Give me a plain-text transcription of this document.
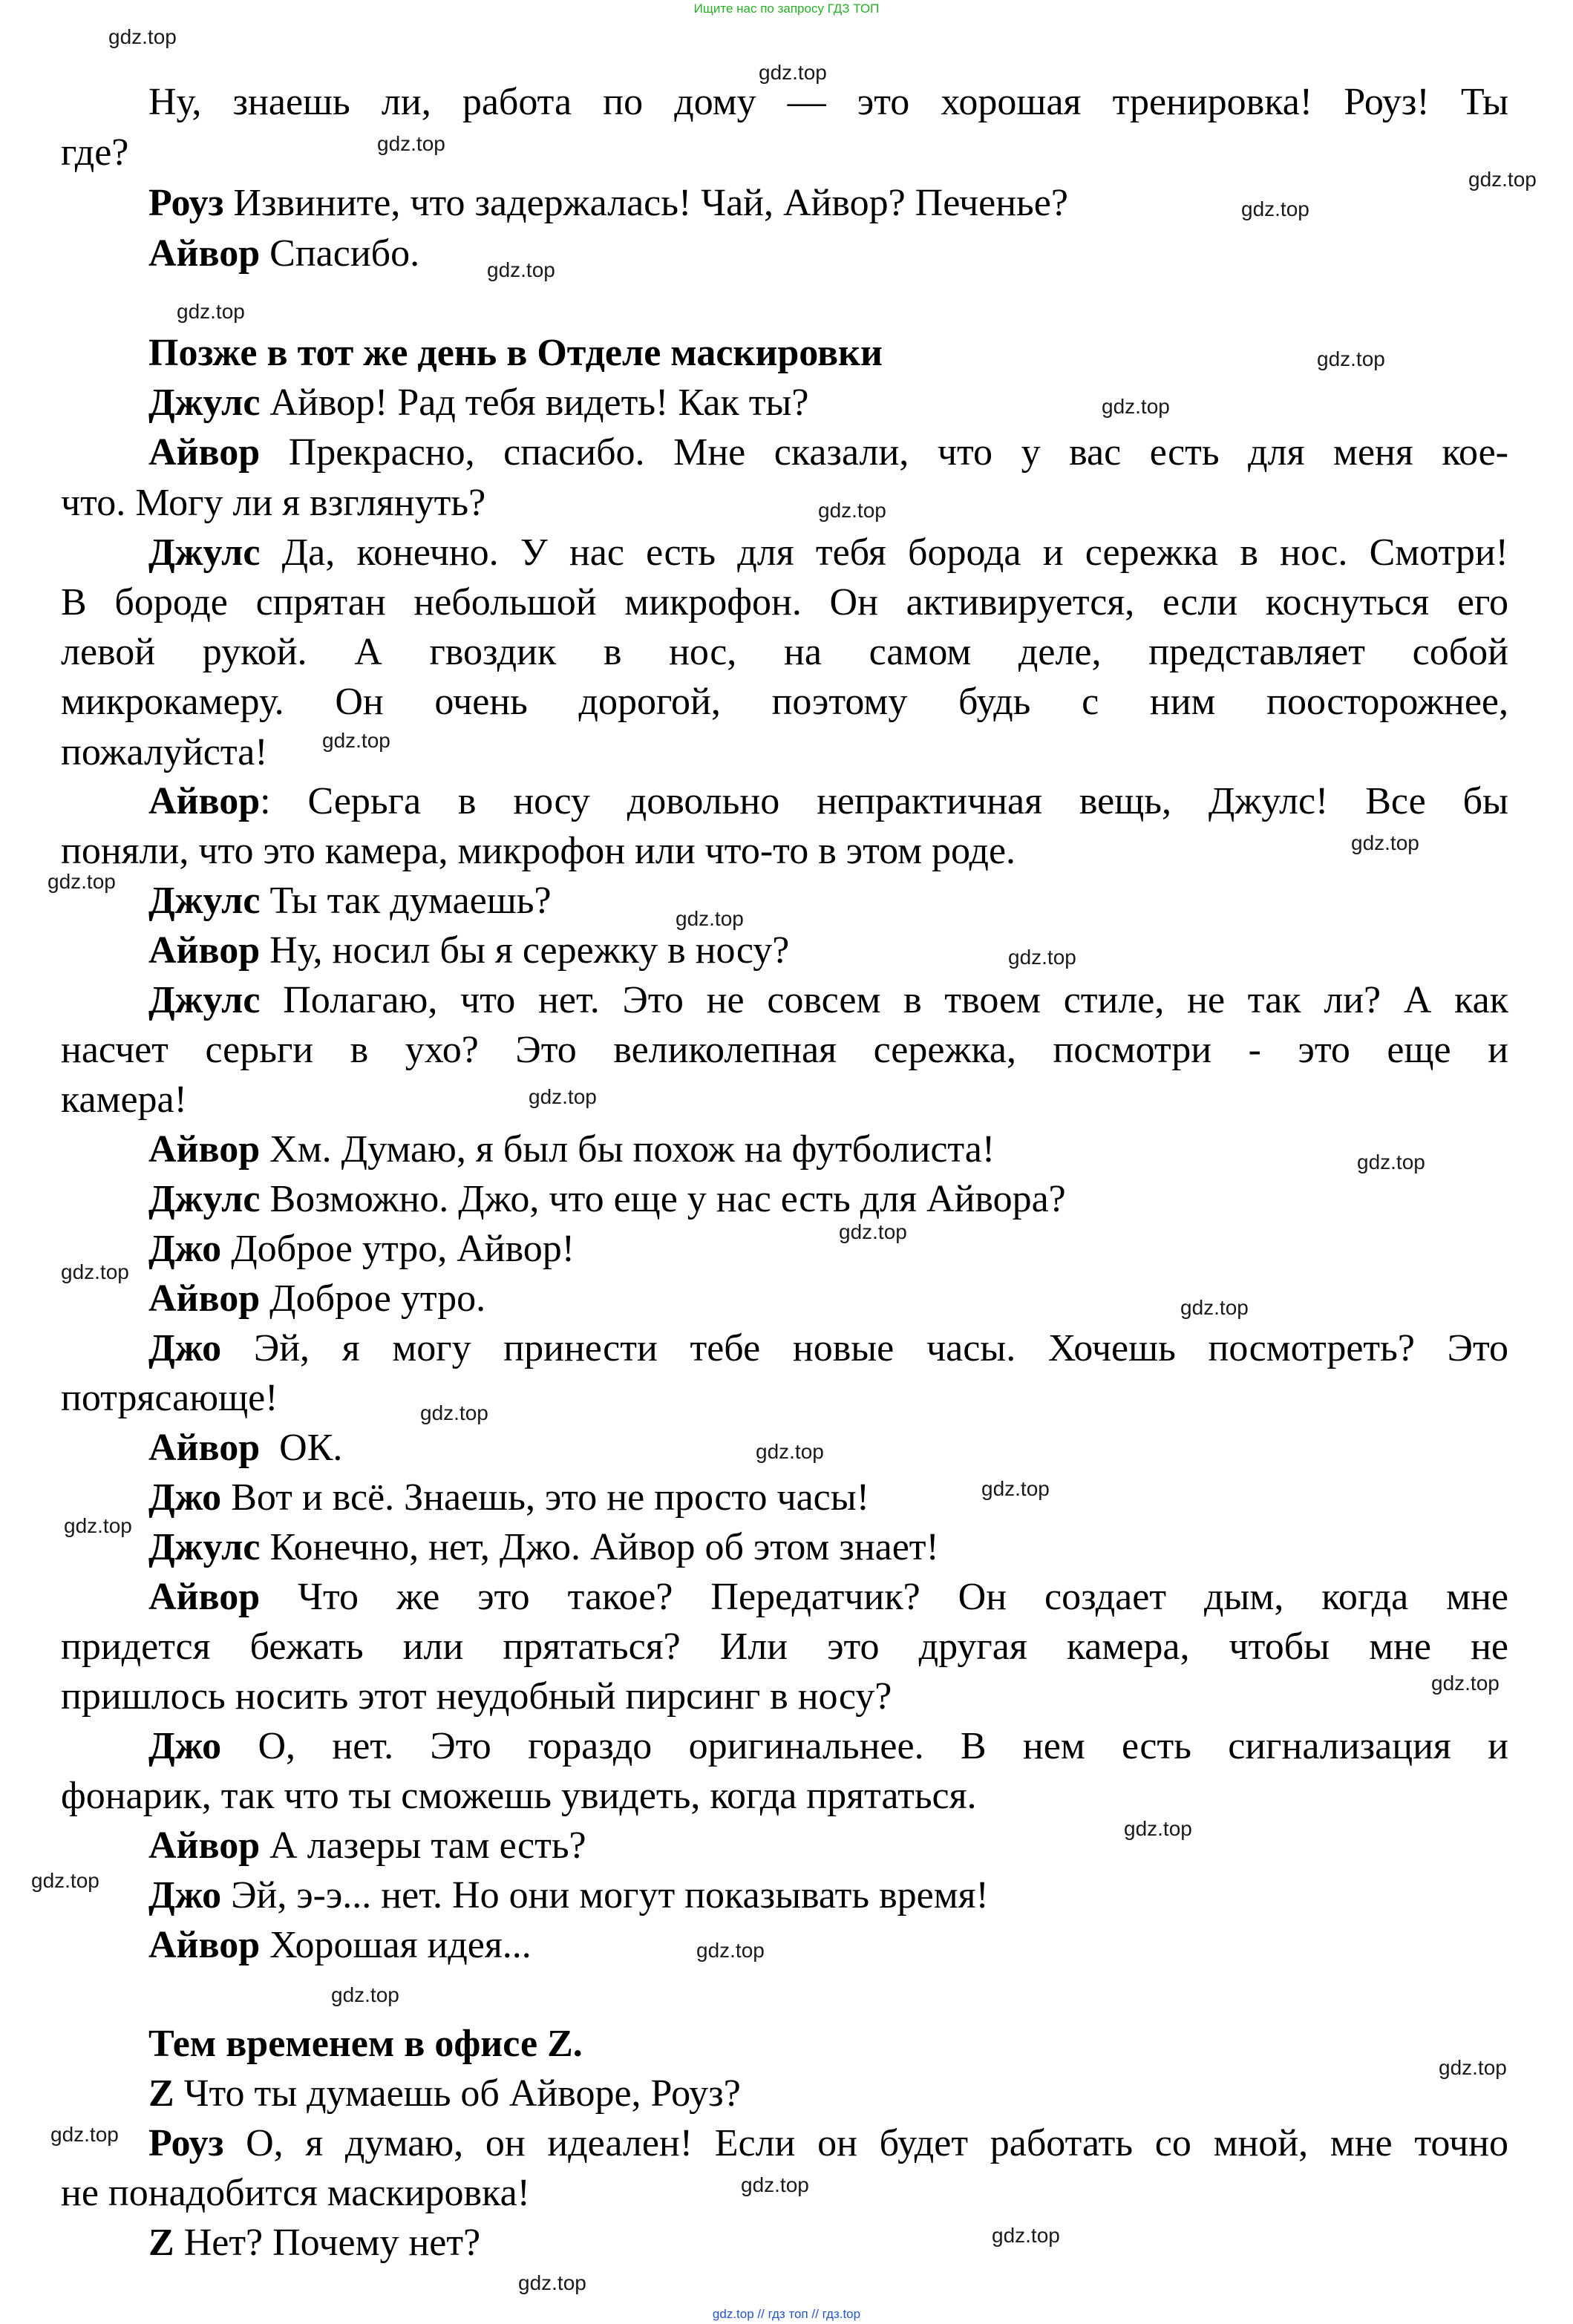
Ищите нас по запросу ГДЗ ТОП
Ну, знаешь ли, работа по дому — это хорошая тренировка! Роуз! Ты
где?
Роуз Извините, что задержалась! Чай, Айвор? Печенье?
Айвор Спасибо.
Позже в тот же день в Отделе маскировки
Джулс Айвор! Рад тебя видеть! Как ты?
Айвор Прекрасно, спасибо. Мне сказали, что у вас есть для меня кое-
что. Могу ли я взглянуть?
Джулс Да, конечно. У нас есть для тебя борода и сережка в нос. Смотри!
В бороде спрятан небольшой микрофон. Он активируется, если коснуться его
левой рукой. А гвоздик в нос, на самом деле, представляет собой
микрокамеру. Он очень дорогой, поэтому будь с ним поосторожнее,
пожалуйста!
Айвор: Серьга в носу довольно непрактичная вещь, Джулс! Все бы
поняли, что это камера, микрофон или что-то в этом роде.
Джулс Ты так думаешь?
Айвор Ну, носил бы я сережку в носу?
Джулс Полагаю, что нет. Это не совсем в твоем стиле, не так ли? А как
насчет серьги в ухо? Это великолепная сережка, посмотри - это еще и
камера!
Айвор Хм. Думаю, я был бы похож на футболиста!
Джулс Возможно. Джо, что еще у нас есть для Айвора?
Джо Доброе утро, Айвор!
Айвор Доброе утро.
Джо Эй, я могу принести тебе новые часы. Хочешь посмотреть? Это
потрясающе!
Айвор  ОК.
Джо Вот и всё. Знаешь, это не просто часы!
Джулс Конечно, нет, Джо. Айвор об этом знает!
Айвор Что же это такое? Передатчик? Он создает дым, когда мне
придется бежать или прятаться? Или это другая камера, чтобы мне не
пришлось носить этот неудобный пирсинг в носу?
Джо О, нет. Это гораздо оригинальнее. В нем есть сигнализация и
фонарик, так что ты сможешь увидеть, когда прятаться.
Айвор А лазеры там есть?
Джо Эй, э-э... нет. Но они могут показывать время!
Айвор Хорошая идея...
Тем временем в офисе Z.
Z Что ты думаешь об Айворе, Роуз?
Роуз О, я думаю, он идеален! Если он будет работать со мной, мне точно
не понадобится маскировка!
Z Нет? Почему нет?
gdz.top
gdz.top
gdz.top
gdz.top
gdz.top
gdz.top
gdz.top
gdz.top
gdz.top
gdz.top
gdz.top
gdz.top
gdz.top
gdz.top
gdz.top
gdz.top
gdz.top
gdz.top
gdz.top
gdz.top
gdz.top
gdz.top
gdz.top
gdz.top
gdz.top
gdz.top
gdz.top
gdz.top
gdz.top
gdz.top
gdz.top
gdz.top
gdz.top
gdz.top
gdz.top // гдз топ // гдз.top
